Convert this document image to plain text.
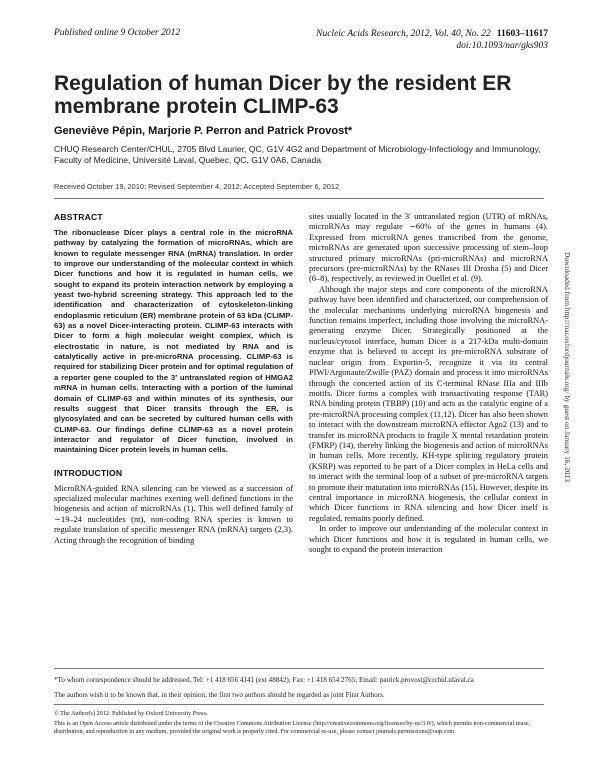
Published online 9 October 2012	Nucleic Acids Research, 2012, Vol. 40, No. 22 11603–11617
doi:10.1093/nar/gks903
Regulation of human Dicer by the resident ER membrane protein CLIMP-63
Geneviève Pépin, Marjorie P. Perron and Patrick Provost*
CHUQ Research Center/CHUL, 2705 Blvd Laurier, QC, G1V 4G2 and Department of Microbiology-Infectiology and Immunology, Faculty of Medicine, Université Laval, Quebec, QC, G1V 0A6, Canada
Received October 19, 2010; Revised September 4, 2012; Accepted September 6, 2012
ABSTRACT

The ribonuclease Dicer plays a central role in the microRNA pathway by catalyzing the formation of microRNAs, which are known to regulate messenger RNA (mRNA) translation. In order to improve our understanding of the molecular context in which Dicer functions and how it is regulated in human cells, we sought to expand its protein interaction network by employing a yeast two-hybrid screening strategy. This approach led to the identification and characterization of cytoskeleton-linking endoplasmic reticulum (ER) membrane protein of 63 kDa (CLIMP-63) as a novel Dicer-interacting protein. CLIMP-63 interacts with Dicer to form a high molecular weight complex, which is electrostatic in nature, is not mediated by RNA and is catalytically active in pre-microRNA processing. CLIMP-63 is required for stabilizing Dicer protein and for optimal regulation of a reporter gene coupled to the 3′ untranslated region of HMGA2 mRNA in human cells. Interacting with a portion of the luminal domain of CLIMP-63 and within minutes of its synthesis, our results suggest that Dicer transits through the ER, is glycosylated and can be secreted by cultured human cells with CLIMP-63. Our findings define CLIMP-63 as a novel protein interactor and regulator of Dicer function, involved in maintaining Dicer protein levels in human cells.

INTRODUCTION

MicroRNA-guided RNA silencing can be viewed as a succession of specialized molecular machines exerting well defined functions in the biogenesis and action of microRNAs (1). This well defined family of ∼19–24 nucleotides (nt), non-coding RNA species is known to regulate translation of specific messenger RNA (mRNA) targets (2,3). Acting through the recognition of binding

sites usually located in the 3′ untranslated region (UTR) of mRNAs, microRNAs may regulate ∼60% of the genes in humans (4). Expressed from microRNA genes transcribed from the genome, microRNAs are generated upon successive processing of stem–loop structured primary microRNAs (pri-microRNAs) and microRNA precursors (pre-microRNAs) by the RNases III Drosha (5) and Dicer (6–8), respectively, as reviewed in Ouellet et al. (9).

Although the major steps and core components of the microRNA pathway have been identified and characterized, our comprehension of the molecular mechanisms underlying microRNA biogenesis and function remains imperfect, including those involving the microRNA-generating enzyme Dicer. Strategically positioned at the nucleus/cytosol interface, human Dicer is a 217-kDa multi-domain enzyme that is believed to accept its pre-microRNA substrate of nuclear origin from Exportin-5, recognize it via its central PIWI/Argonaute/Zwille (PAZ) domain and process it into microRNAs through the concerted action of its C-terminal RNase IIIa and IIIb motifs. Dicer forms a complex with transactivating response (TAR) RNA binding protein (TRBP) (10) and acts as the catalytic engine of a pre-microRNA processing complex (11,12). Dicer has also been shown to interact with the downstream microRNA effector Ago2 (13) and to transfer its microRNA products to fragile X mental retardation protein (FMRP) (14), thereby linking the biogenesis and action of microRNAs in human cells. More recently, KH-type splicing regulatory protein (KSRP) was reported to be part of a Dicer complex in HeLa cells and to interact with the terminal loop of a subset of pre-microRNA targets to promote their maturation into microRNAs (15). However, despite its central importance in microRNA biogenesis, the cellular context in which Dicer functions in RNA silencing and how Dicer itself is regulated, remains poorly defined.

In order to improve our understanding of the molecular context in which Dicer functions and how it is regulated in human cells, we sought to expand the protein interaction

*To whom correspondence should be addressed. Tel: +1 418 656 4141 (ext 48842); Fax: +1 418 654 2765; Email: patrick.provost@crchul.ulaval.ca
The authors wish it to be known that, in their opinion, the first two authors should be regarded as joint First Authors.
© The Author(s) 2012. Published by Oxford University Press.
This is an Open Access article distributed under the terms of the Creative Commons Attribution License (http://creativecommons.org/licenses/by-nc/3.0/), which permits non-commercial reuse, distribution, and reproduction in any medium, provided the original work is properly cited. For commercial re-use, please contact journals.permissions@oup.com.
Downloaded from http://nar.oxfordjournals.org/ by guest on January 16, 2013
